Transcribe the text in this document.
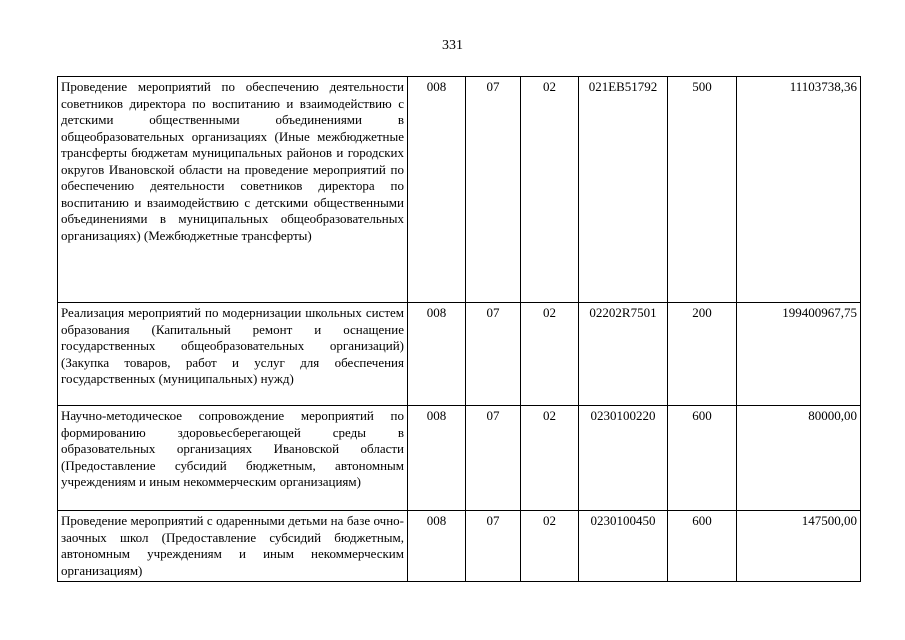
331
Проведение мероприятий по обеспечению деятельности советников директора по воспитанию и взаимодействию с детскими общественными объединениями в общеобразовательных организациях (Иные межбюджетные трансферты бюджетам муниципальных районов и городских округов Ивановской области на проведение мероприятий по обеспечению деятельности советников директора по воспитанию и взаимодействию с детскими общественными объединениями в муниципальных общеобразовательных организациях) (Межбюджетные трансферты)	008	07	02	021EB51792	500	11103738,36
Реализация мероприятий по модернизации школьных систем образования (Капитальный ремонт и оснащение государственных общеобразовательных организаций) (Закупка товаров, работ и услуг для обеспечения государственных (муниципальных) нужд)	008	07	02	02202R7501	200	199400967,75
Научно-методическое сопровождение мероприятий по формированию здоровьесберегающей среды в образовательных организациях Ивановской области (Предоставление субсидий бюджетным, автономным учреждениям и иным некоммерческим организациям)	008	07	02	0230100220	600	80000,00
Проведение мероприятий с одаренными детьми на базе очно-заочных школ (Предоставление субсидий бюджетным, автономным учреждениям и иным некоммерческим организациям)	008	07	02	0230100450	600	147500,00
